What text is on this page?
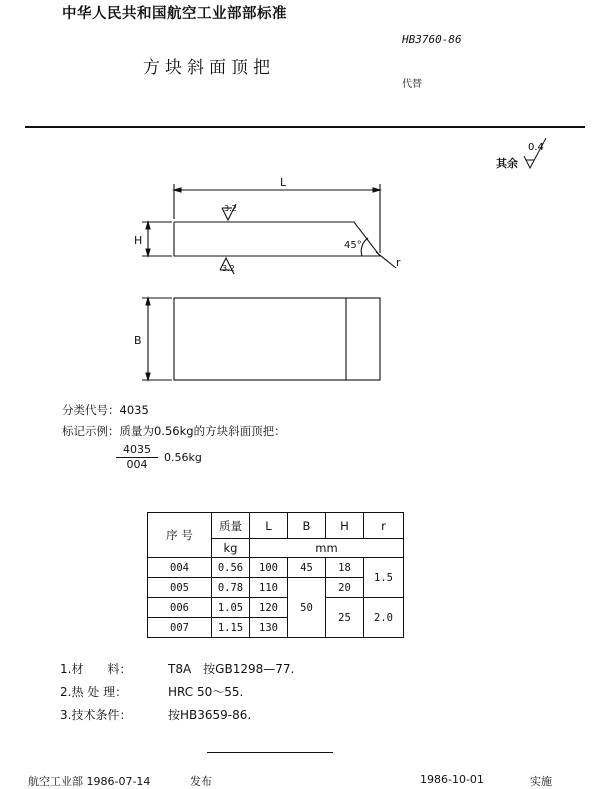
中华人民共和国航空工业部部标准
HB3760-86
方块斜面顶把
代替
其余
0.4
L
H
B
r
45°
3.2
3.2
分类代号：4035
标记示例：质量为0.56kg的方块斜面顶把：
$\frac{4035}{004} 0.56kg$
序 号	质量	L	B	H	r
	kg	mm			
004	0.56	100	45	18	1.5
005	0.78	110	50	20	
006	1.05	120		25	2.0
007	1.15	130			
1.材　　料：	T8A　按GB1298—77.
2.热 处 理：	HRC 50～55.
3.技术条件：	按HB3659-86.
航空工业部 1986-07-14	发布	1986-10-01	实施
